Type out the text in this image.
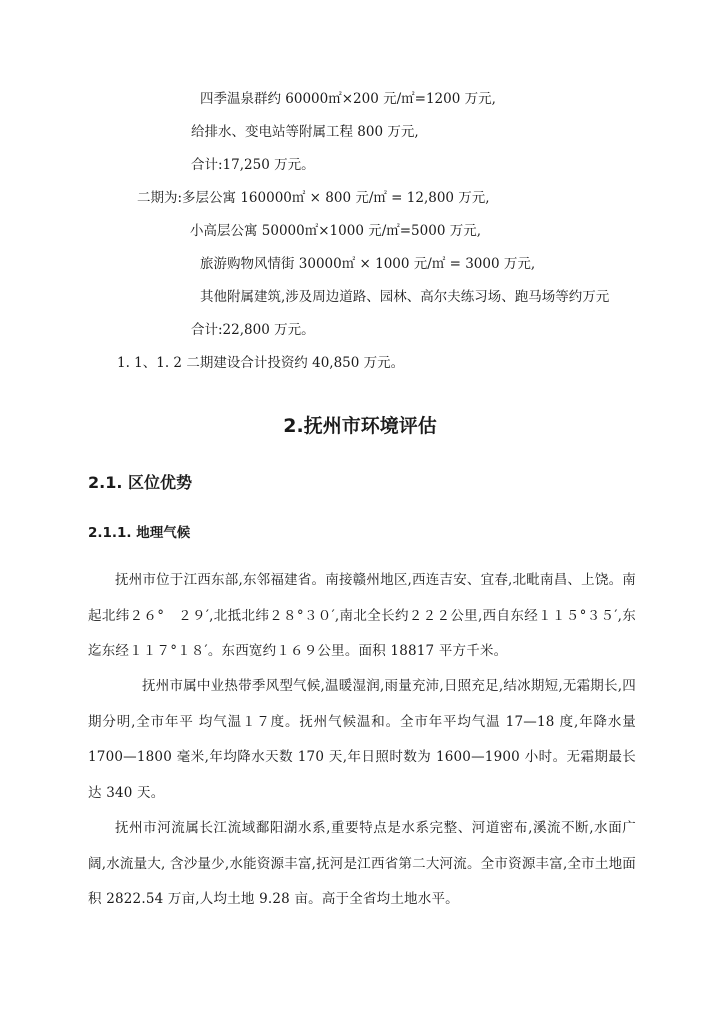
四季温泉群约 60000㎡×200 元/㎡=1200 万元,
给排水、变电站等附属工程 800 万元,
合计:17,250 万元。
二期为:多层公寓 160000㎡ × 800 元/㎡ = 12,800 万元,
小高层公寓 50000㎡×1000 元/㎡=5000 万元,
旅游购物风情街 30000㎡ × 1000 元/㎡ = 3000 万元,
其他附属建筑,涉及周边道路、园林、高尔夫练习场、跑马场等约万元
合计:22,800 万元。
1. 1、1. 2 二期建设合计投资约 40,850 万元。
2.抚州市环境评估
2.1. 区位优势
2.1.1. 地理气候
抚州市位于江西东部,东邻福建省。南接赣州地区,西连吉安、宜春,北毗南昌、上饶。南起北纬２６°　２９′,北抵北纬２８°３０′,南北全长约２２２公里,西自东经１１５°３５′,东迄东经１１７°１８′。东西宽约１６９公里。面积 18817 平方千米。
抚州市属中业热带季风型气候,温暖湿润,雨量充沛,日照充足,结冰期短,无霜期长,四期分明,全市年平 均气温１７度。抚州气候温和。全市年平均气温 17—18 度,年降水量 1700—1800 毫米,年均降水天数 170 天,年日照时数为 1600—1900 小时。无霜期最长达 340 天。
抚州市河流属长江流域鄱阳湖水系,重要特点是水系完整、河道密布,溪流不断,水面广阔,水流量大, 含沙量少,水能资源丰富,抚河是江西省第二大河流。全市资源丰富,全市土地面积 2822.54 万亩,人均土地 9.28 亩。高于全省均土地水平。
